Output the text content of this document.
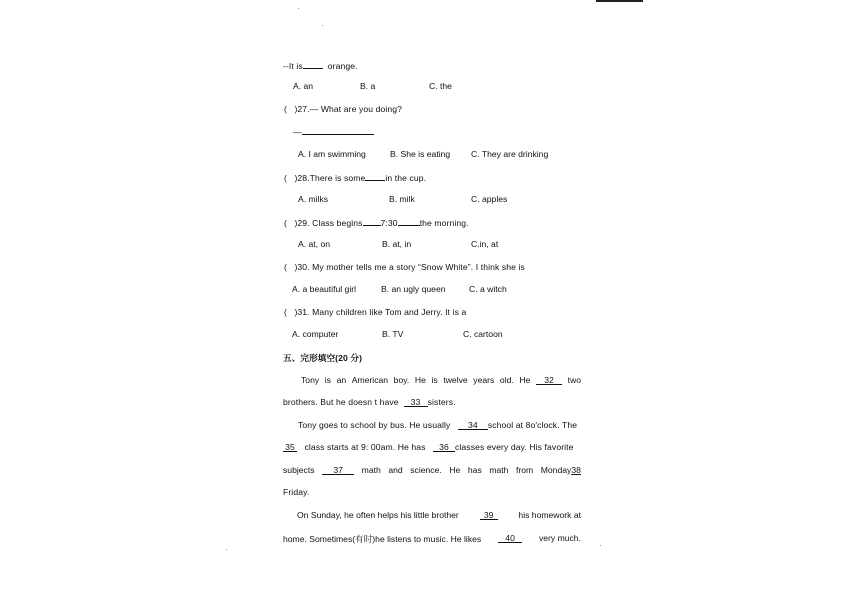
--It is	orange.
A. an	B. a	C. the
( )27.— What are you doing?
—
A. I am swimming	B. She is eating C. They are drinking
( )28.There is some in the cup.
A. milks	B. milk	C. apples
( )29. Class begins 7:30	the morning.
A. at, on	B. at, in	C.in, at
( )30. My mother tells me a story “Snow White”. I think she is
A. a beautiful girl	B. an ugly queen	C. a witch
( )31. Many children like Tom and Jerry. It is a
A. computer	B. TV	C. cartoon
五、完形填空(20 分)
Tony is an American boy. He is twelve years old. He	32	two
brothers. But he doesn t have 33 sisters.
Tony goes to school by bus. He usually 34 school at 8o'clock. The
35 class starts at 9: 00am. He has 36 classes every day. His favorite
subjects	37	math and science. He has math from Monday38
Friday.
On Sunday, he often helps his little brother	39	his homework at
home. Sometimes(有时)he listens to music. He likes	40	very much.
